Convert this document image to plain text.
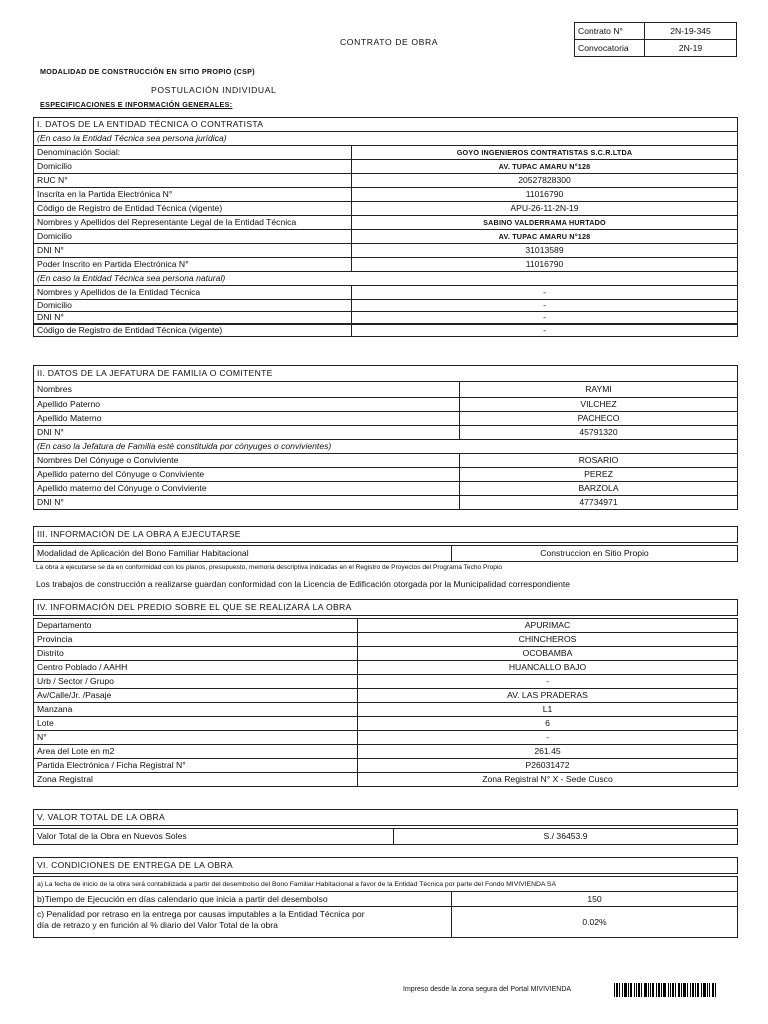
CONTRATO DE OBRA
Contrato N°	2N-19-345
Convocatoria	2N-19
MODALIDAD DE CONSTRUCCIÓN EN SITIO PROPIO (CSP)
POSTULACIÓN INDIVIDUAL
ESPECIFICACIONES E INFORMACIÓN GENERALES:
I. DATOS DE LA ENTIDAD TÉCNICA O CONTRATISTA	
(En caso la Entidad Técnica sea persona jurídica)	
Denominación Social:	GOYO INGENIEROS CONTRATISTAS S.C.R.LTDA
Domicilio	AV. TUPAC AMARU N°128
RUC N°	20527828300
Inscrita en la Partida Electrónica N°	11016790
Código de Registro de Entidad Técnica (vigente)	APU-26-11-2N-19
Nombres y Apellidos del Representante Legal de la Entidad Técnica	SABINO VALDERRAMA HURTADO
Domicilio	AV. TUPAC AMARU N°128
DNI N°	31013589
Poder Inscrito en Partida Electrónica N°	11016790
(En caso la Entidad Técnica sea persona natural)	
Nombres y Apellidos de la Entidad Técnica	-
Domicilio	-
DNI N°	-
Código de Registro de Entidad Técnica (vigente)	-
II. DATOS DE LA JEFATURA DE FAMILIA O COMITENTE	
Nombres	RAYMI
Apellido Paterno	VILCHEZ
Apellido Materno	PACHECO
DNI N°	45791320
(En caso la Jefatura de Familia esté constituida por cónyuges o convivientes)	
Nombres Del Cónyuge o Conviviente	ROSARIO
Apellido paterno del Cónyuge o Conviviente	PEREZ
Apellido materno del Cónyuge o Conviviente	BARZOLA
DNI N°	47734971
III. INFORMACIÓN DE LA OBRA A EJECUTARSE
Modalidad de Aplicación del Bono Familiar Habitacional	Construccion en Sitio Propio
La obra a ejecutarse se da en conformidad con los planos, presupuesto, memoria descriptiva indicadas en el Registro de Proyectos del Programa Techo Propio
Los trabajos de construcción a realizarse guardan conformidad con la Licencia de Edificación otorgada por la Municipalidad correspondiente
IV. INFORMACIÓN DEL PREDIO SOBRE EL QUE SE REALIZARÁ LA OBRA
Departamento	APURIMAC
Provincia	CHINCHEROS
Distrito	OCOBAMBA
Centro Poblado / AAHH	HUANCALLO BAJO
Urb / Sector / Grupo	-
Av/Calle/Jr. /Pasaje	AV. LAS PRADERAS
Manzana	L1
Lote	6
N°	-
Area del Lote en m2	261.45
Partida Electrónica / Ficha Registral N°	P26031472
Zona Registral	Zona Registral N° X - Sede Cusco
V. VALOR TOTAL DE LA OBRA
Valor Total de la Obra en Nuevos Soles	S./ 36453.9
VI. CONDICIONES DE ENTREGA DE LA OBRA
a) La fecha de inicio de la obra será contabilizada a partir del desembolso del Bono Familiar Habitacional a favor de la Entidad Técnica por parte del Fondo MIVIVIENDA SA	
b)Tiempo de Ejecución en días calendario que inicia a partir del desembolso	150

c) Penalidad por retraso en la entrega por causas imputables a la Entidad Técnica por
día de retrazo y en función al % diario del Valor Total de la obra	0.02%
Impreso desde la zona segura del Portal MIVIVIENDA
